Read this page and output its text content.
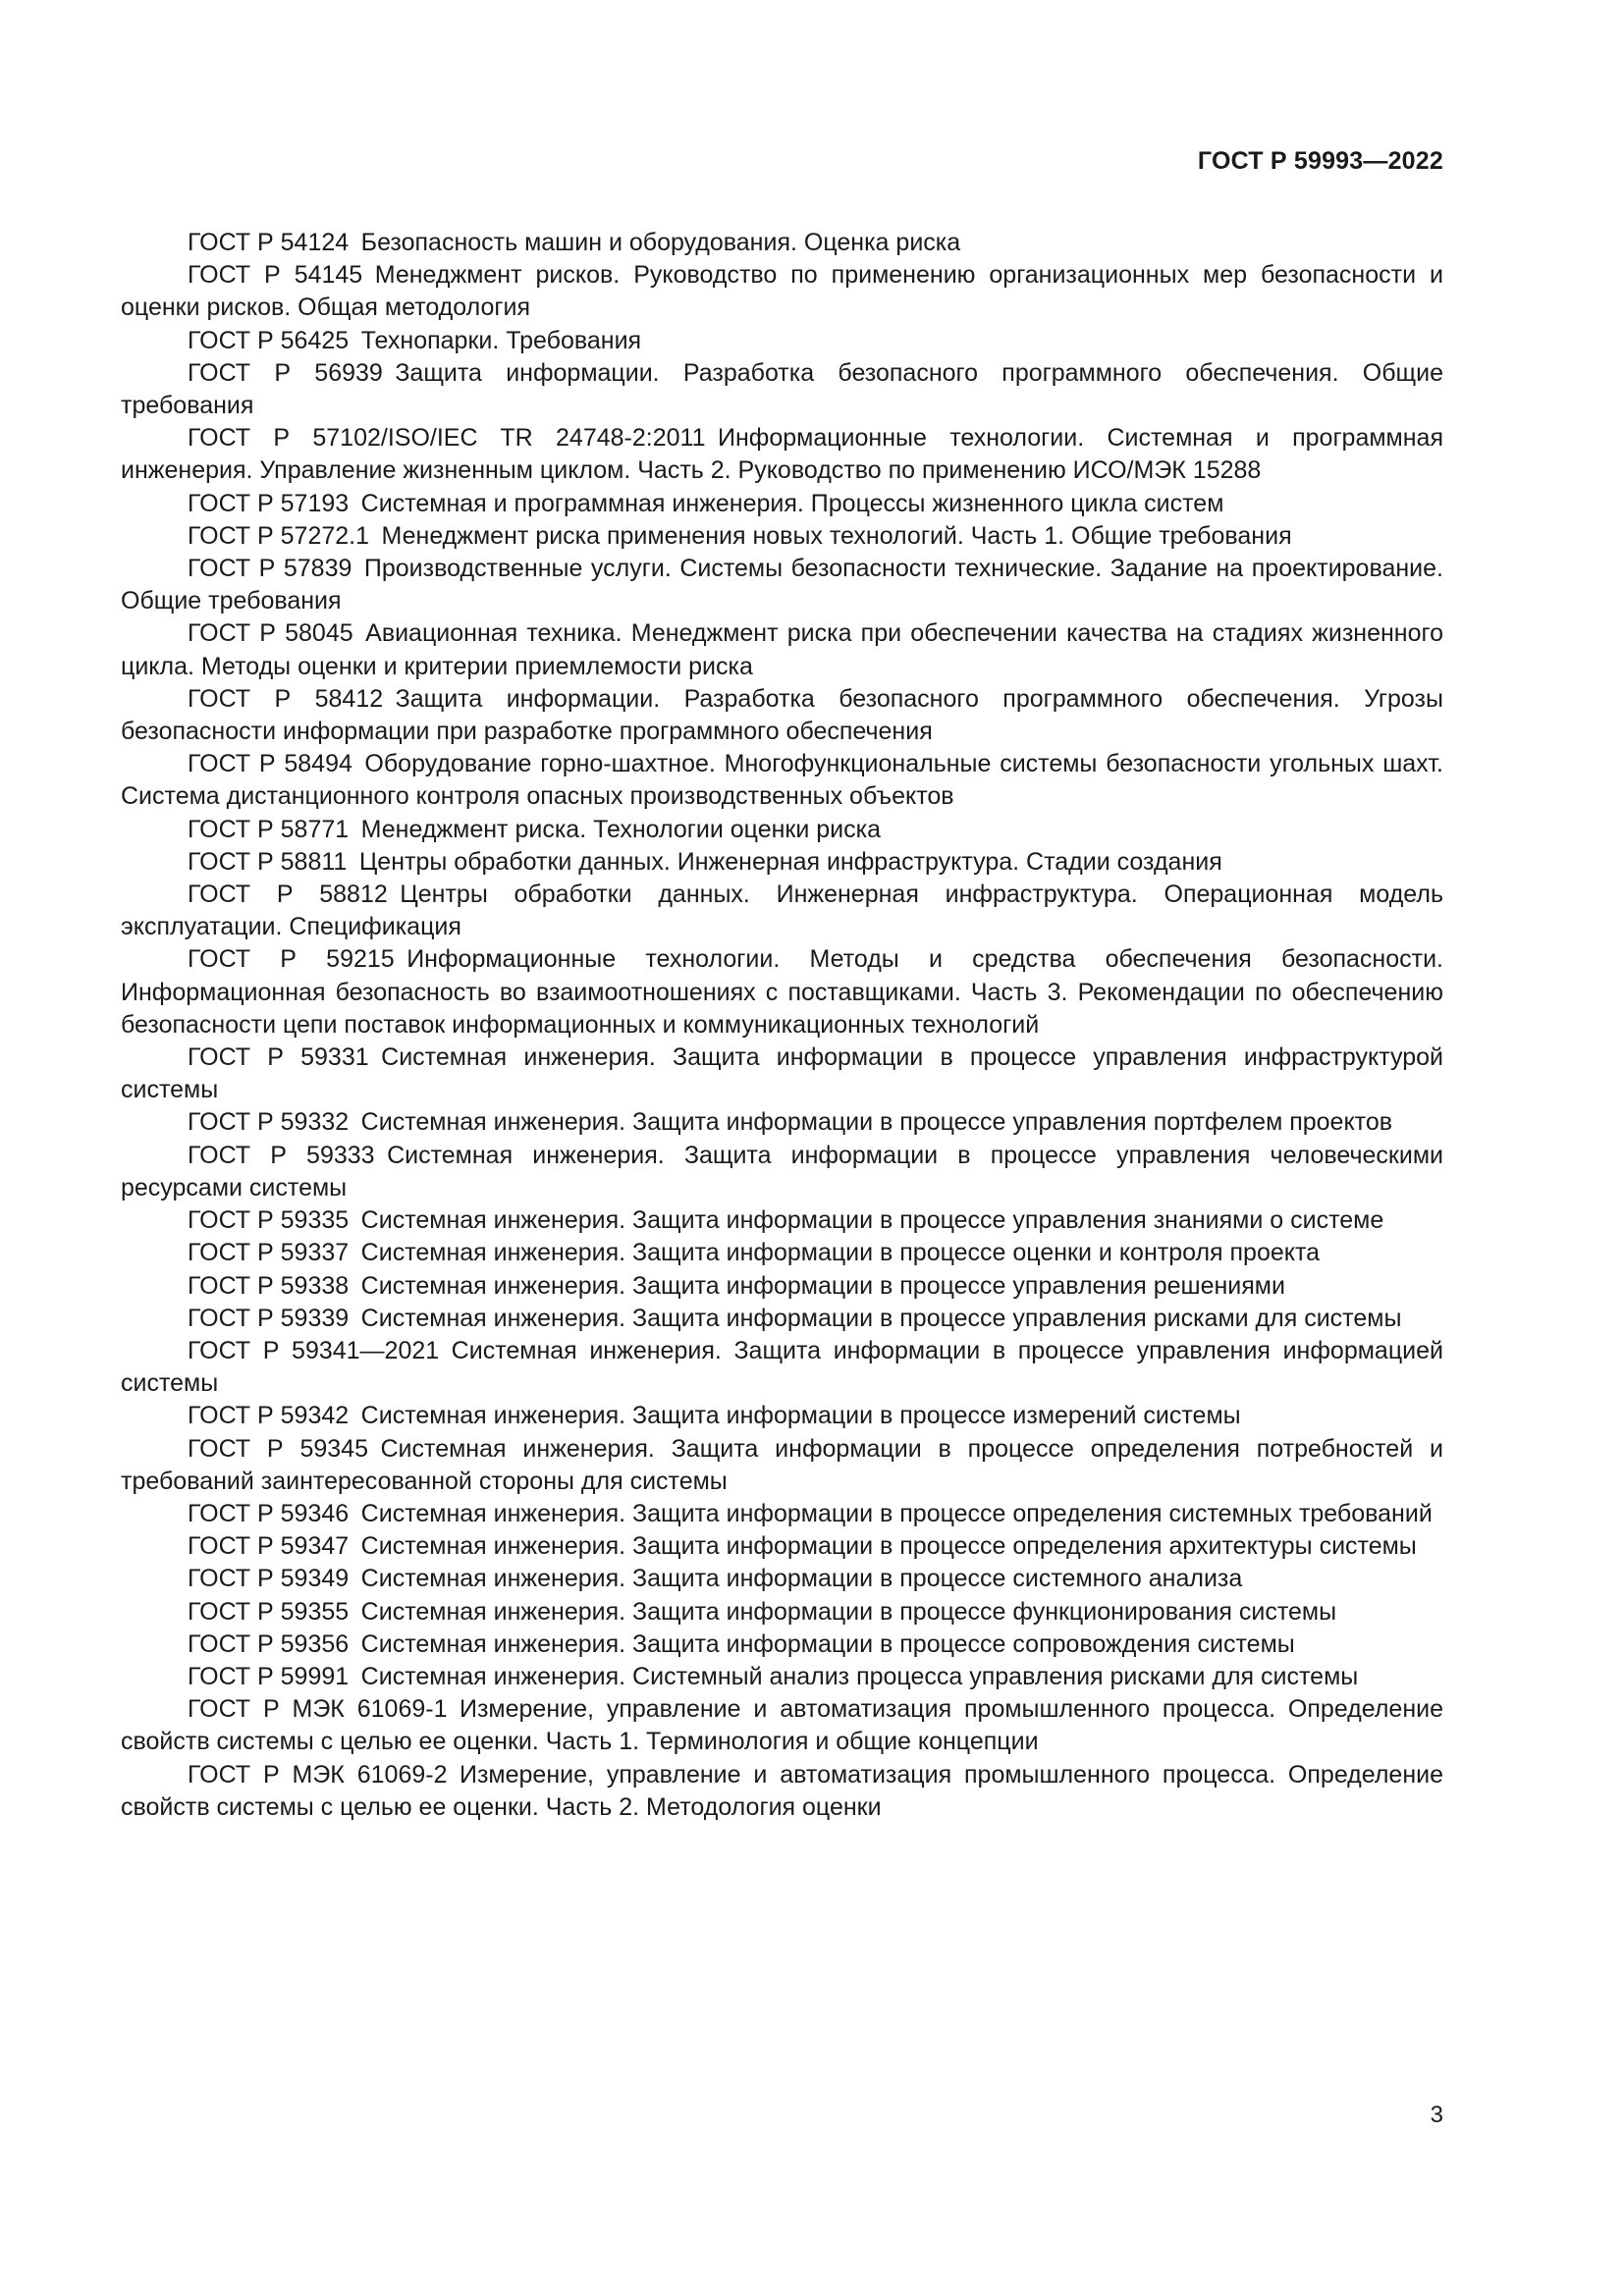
ГОСТ Р 59993—2022
ГОСТ Р 54124  Безопасность машин и оборудования. Оценка риска
ГОСТ Р 54145  Менеджмент рисков. Руководство по применению организационных мер безопасности и оценки рисков. Общая методология
ГОСТ Р 56425  Технопарки. Требования
ГОСТ Р 56939  Защита информации. Разработка безопасного программного обеспечения. Общие требования
ГОСТ Р 57102/ISO/IEC TR 24748-2:2011  Информационные технологии. Системная и программная инженерия. Управление жизненным циклом. Часть 2. Руководство по применению ИСО/МЭК 15288
ГОСТ Р 57193  Системная и программная инженерия. Процессы жизненного цикла систем
ГОСТ Р 57272.1  Менеджмент риска применения новых технологий. Часть 1. Общие требования
ГОСТ Р 57839  Производственные услуги. Системы безопасности технические. Задание на проектирование. Общие требования
ГОСТ Р 58045  Авиационная техника. Менеджмент риска при обеспечении качества на стадиях жизненного цикла. Методы оценки и критерии приемлемости риска
ГОСТ Р 58412  Защита информации. Разработка безопасного программного обеспечения. Угрозы безопасности информации при разработке программного обеспечения
ГОСТ Р 58494  Оборудование горно-шахтное. Многофункциональные системы безопасности угольных шахт. Система дистанционного контроля опасных производственных объектов
ГОСТ Р 58771  Менеджмент риска. Технологии оценки риска
ГОСТ Р 58811  Центры обработки данных. Инженерная инфраструктура. Стадии создания
ГОСТ Р 58812  Центры обработки данных. Инженерная инфраструктура. Операционная модель эксплуатации. Спецификация
ГОСТ Р 59215  Информационные технологии. Методы и средства обеспечения безопасности. Информационная безопасность во взаимоотношениях с поставщиками. Часть 3. Рекомендации по обеспечению безопасности цепи поставок информационных и коммуникационных технологий
ГОСТ Р 59331  Системная инженерия. Защита информации в процессе управления инфраструктурой системы
ГОСТ Р 59332  Системная инженерия. Защита информации в процессе управления портфелем проектов
ГОСТ Р 59333  Системная инженерия. Защита информации в процессе управления человеческими ресурсами системы
ГОСТ Р 59335  Системная инженерия. Защита информации в процессе управления знаниями о системе
ГОСТ Р 59337  Системная инженерия. Защита информации в процессе оценки и контроля проекта
ГОСТ Р 59338  Системная инженерия. Защита информации в процессе управления решениями
ГОСТ Р 59339  Системная инженерия. Защита информации в процессе управления рисками для системы
ГОСТ Р 59341—2021  Системная инженерия. Защита информации в процессе управления информацией системы
ГОСТ Р 59342  Системная инженерия. Защита информации в процессе измерений системы
ГОСТ Р 59345  Системная инженерия. Защита информации в процессе определения потребностей и требований заинтересованной стороны для системы
ГОСТ Р 59346  Системная инженерия. Защита информации в процессе определения системных требований
ГОСТ Р 59347  Системная инженерия. Защита информации в процессе определения архитектуры системы
ГОСТ Р 59349  Системная инженерия. Защита информации в процессе системного анализа
ГОСТ Р 59355  Системная инженерия. Защита информации в процессе функционирования системы
ГОСТ Р 59356  Системная инженерия. Защита информации в процессе сопровождения системы
ГОСТ Р 59991  Системная инженерия. Системный анализ процесса управления рисками для системы
ГОСТ Р МЭК 61069-1  Измерение, управление и автоматизация промышленного процесса. Определение свойств системы с целью ее оценки. Часть 1. Терминология и общие концепции
ГОСТ Р МЭК 61069-2  Измерение, управление и автоматизация промышленного процесса. Определение свойств системы с целью ее оценки. Часть 2. Методология оценки
3
